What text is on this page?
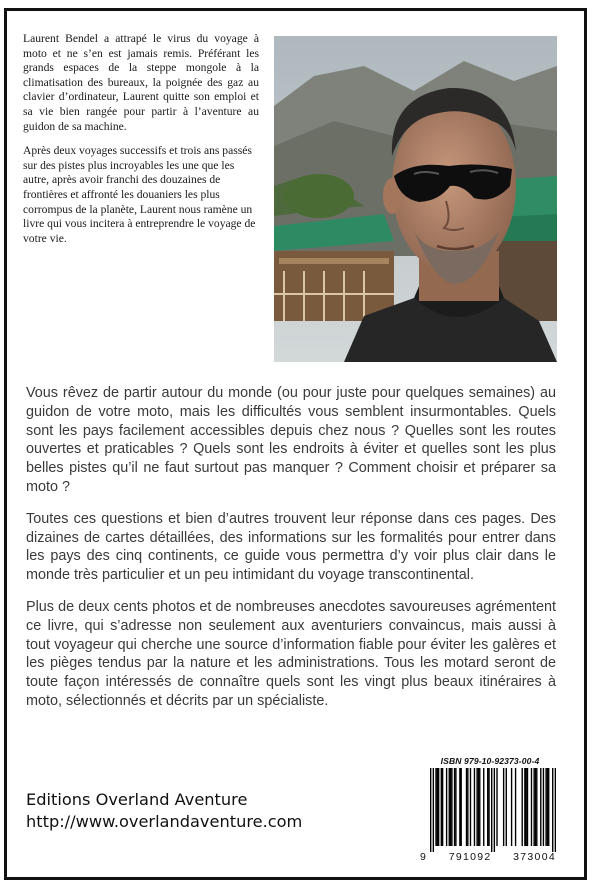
Laurent Bendel a attrapé le virus du voyage à moto et ne s’en est jamais remis. Préférant les grands espaces de la steppe mongole à la climatisation des bureaux, la poignée des gaz au clavier d’ordinateur, Laurent quitte son emploi et sa vie bien rangée pour partir à l’aventure au guidon de sa machine.

Après deux voyages successifs et trois ans passés sur des pistes plus incroyables les une que les autre, après avoir franchi des douzaines de frontières et affronté les douaniers les plus corrompus de la planète, Laurent nous ramène un livre qui vous incitera à entreprendre le voyage de votre vie.

Vous rêvez de partir autour du monde (ou pour juste pour quelques semaines) au guidon de votre moto, mais les difficultés vous semblent insurmontables. Quels sont les pays facilement accessibles depuis chez nous ? Quelles sont les routes ouvertes et praticables ? Quels sont les endroits à éviter et quelles sont les plus belles pistes qu’il ne faut surtout pas manquer ? Comment choisir et préparer sa moto ?

Toutes ces questions et bien d’autres trouvent leur réponse dans ces pages. Des dizaines de cartes détaillées, des informations sur les formalités pour entrer dans les pays des cinq continents, ce guide vous permettra d’y voir plus clair dans le monde très particulier et un peu intimidant du voyage transcontinental.

Plus de deux cents photos et de nombreuses anecdotes savoureuses agrémentent ce livre, qui s’adresse non seulement aux aventuriers convaincus, mais aussi à tout voyageur qui cherche une source d’information fiable pour éviter les galères et les pièges tendus par la nature et les administrations. Tous les motard seront de toute façon intéressés de connaître quels sont les vingt plus beaux itinéraires à moto, sélectionnés et décrits par un spécialiste.

Editions Overland Aventure
http://www.overlandaventure.com
ISBN 979-10-92373-00-4
9 791092 373004
